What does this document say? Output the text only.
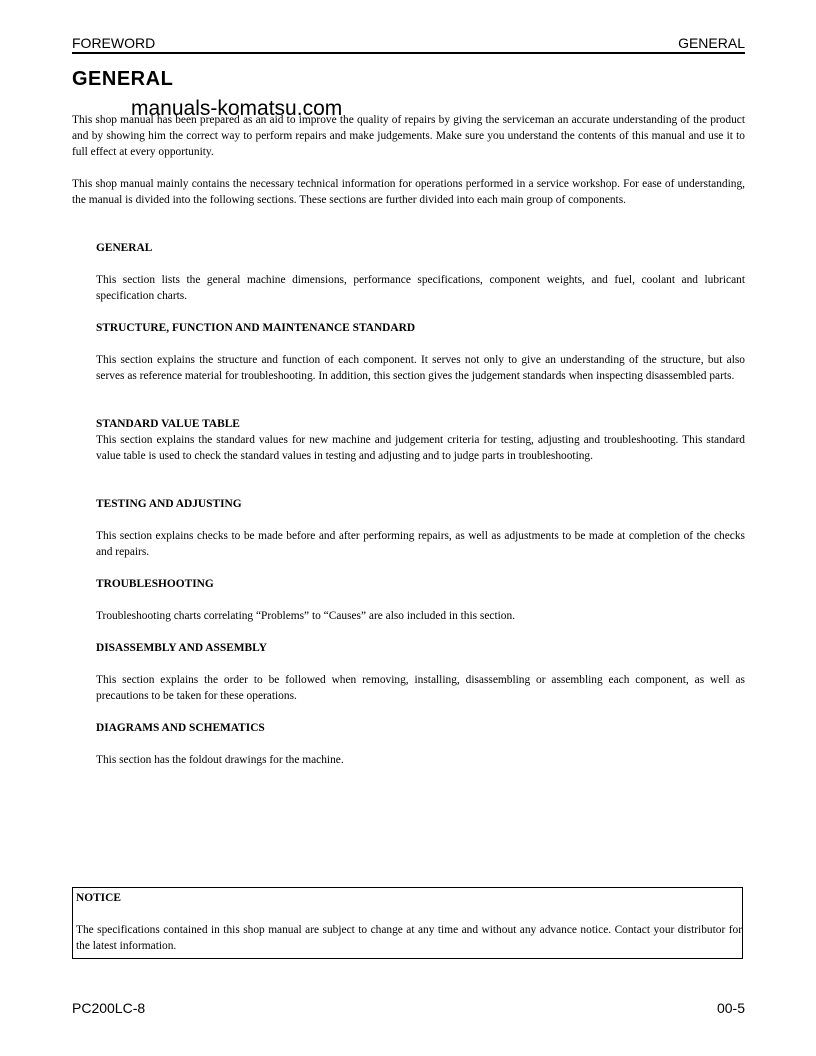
FOREWORD	GENERAL
GENERAL
manuals-komatsu.com
This shop manual has been prepared as an aid to improve the quality of repairs by giving the serviceman an accurate understanding of the product and by showing him the correct way to perform repairs and make judgements. Make sure you understand the contents of this manual and use it to full effect at every opportunity.
This shop manual mainly contains the necessary technical information for operations performed in a service workshop. For ease of understanding, the manual is divided into the following sections. These sections are further divided into each main group of components.
GENERAL
This section lists the general machine dimensions, performance specifications, component weights, and fuel, coolant and lubricant specification charts.
STRUCTURE, FUNCTION AND MAINTENANCE STANDARD
This section explains the structure and function of each component. It serves not only to give an understanding of the structure, but also serves as reference material for troubleshooting. In addition, this section gives the judgement standards when inspecting disassembled parts.
STANDARD VALUE TABLE
This section explains the standard values for new machine and judgement criteria for testing, adjusting and troubleshooting. This standard value table is used to check the standard values in testing and adjusting and to judge parts in troubleshooting.
TESTING AND ADJUSTING
This section explains checks to be made before and after performing repairs, as well as adjustments to be made at completion of the checks and repairs.
TROUBLESHOOTING
Troubleshooting charts correlating “Problems” to “Causes” are also included in this section.
DISASSEMBLY AND ASSEMBLY
This section explains the order to be followed when removing, installing, disassembling or assembling each component, as well as precautions to be taken for these operations.
DIAGRAMS AND SCHEMATICS
This section has the foldout drawings for the machine.
NOTICE
The specifications contained in this shop manual are subject to change at any time and without any advance notice. Contact your distributor for the latest information.
PC200LC-8	00-5
